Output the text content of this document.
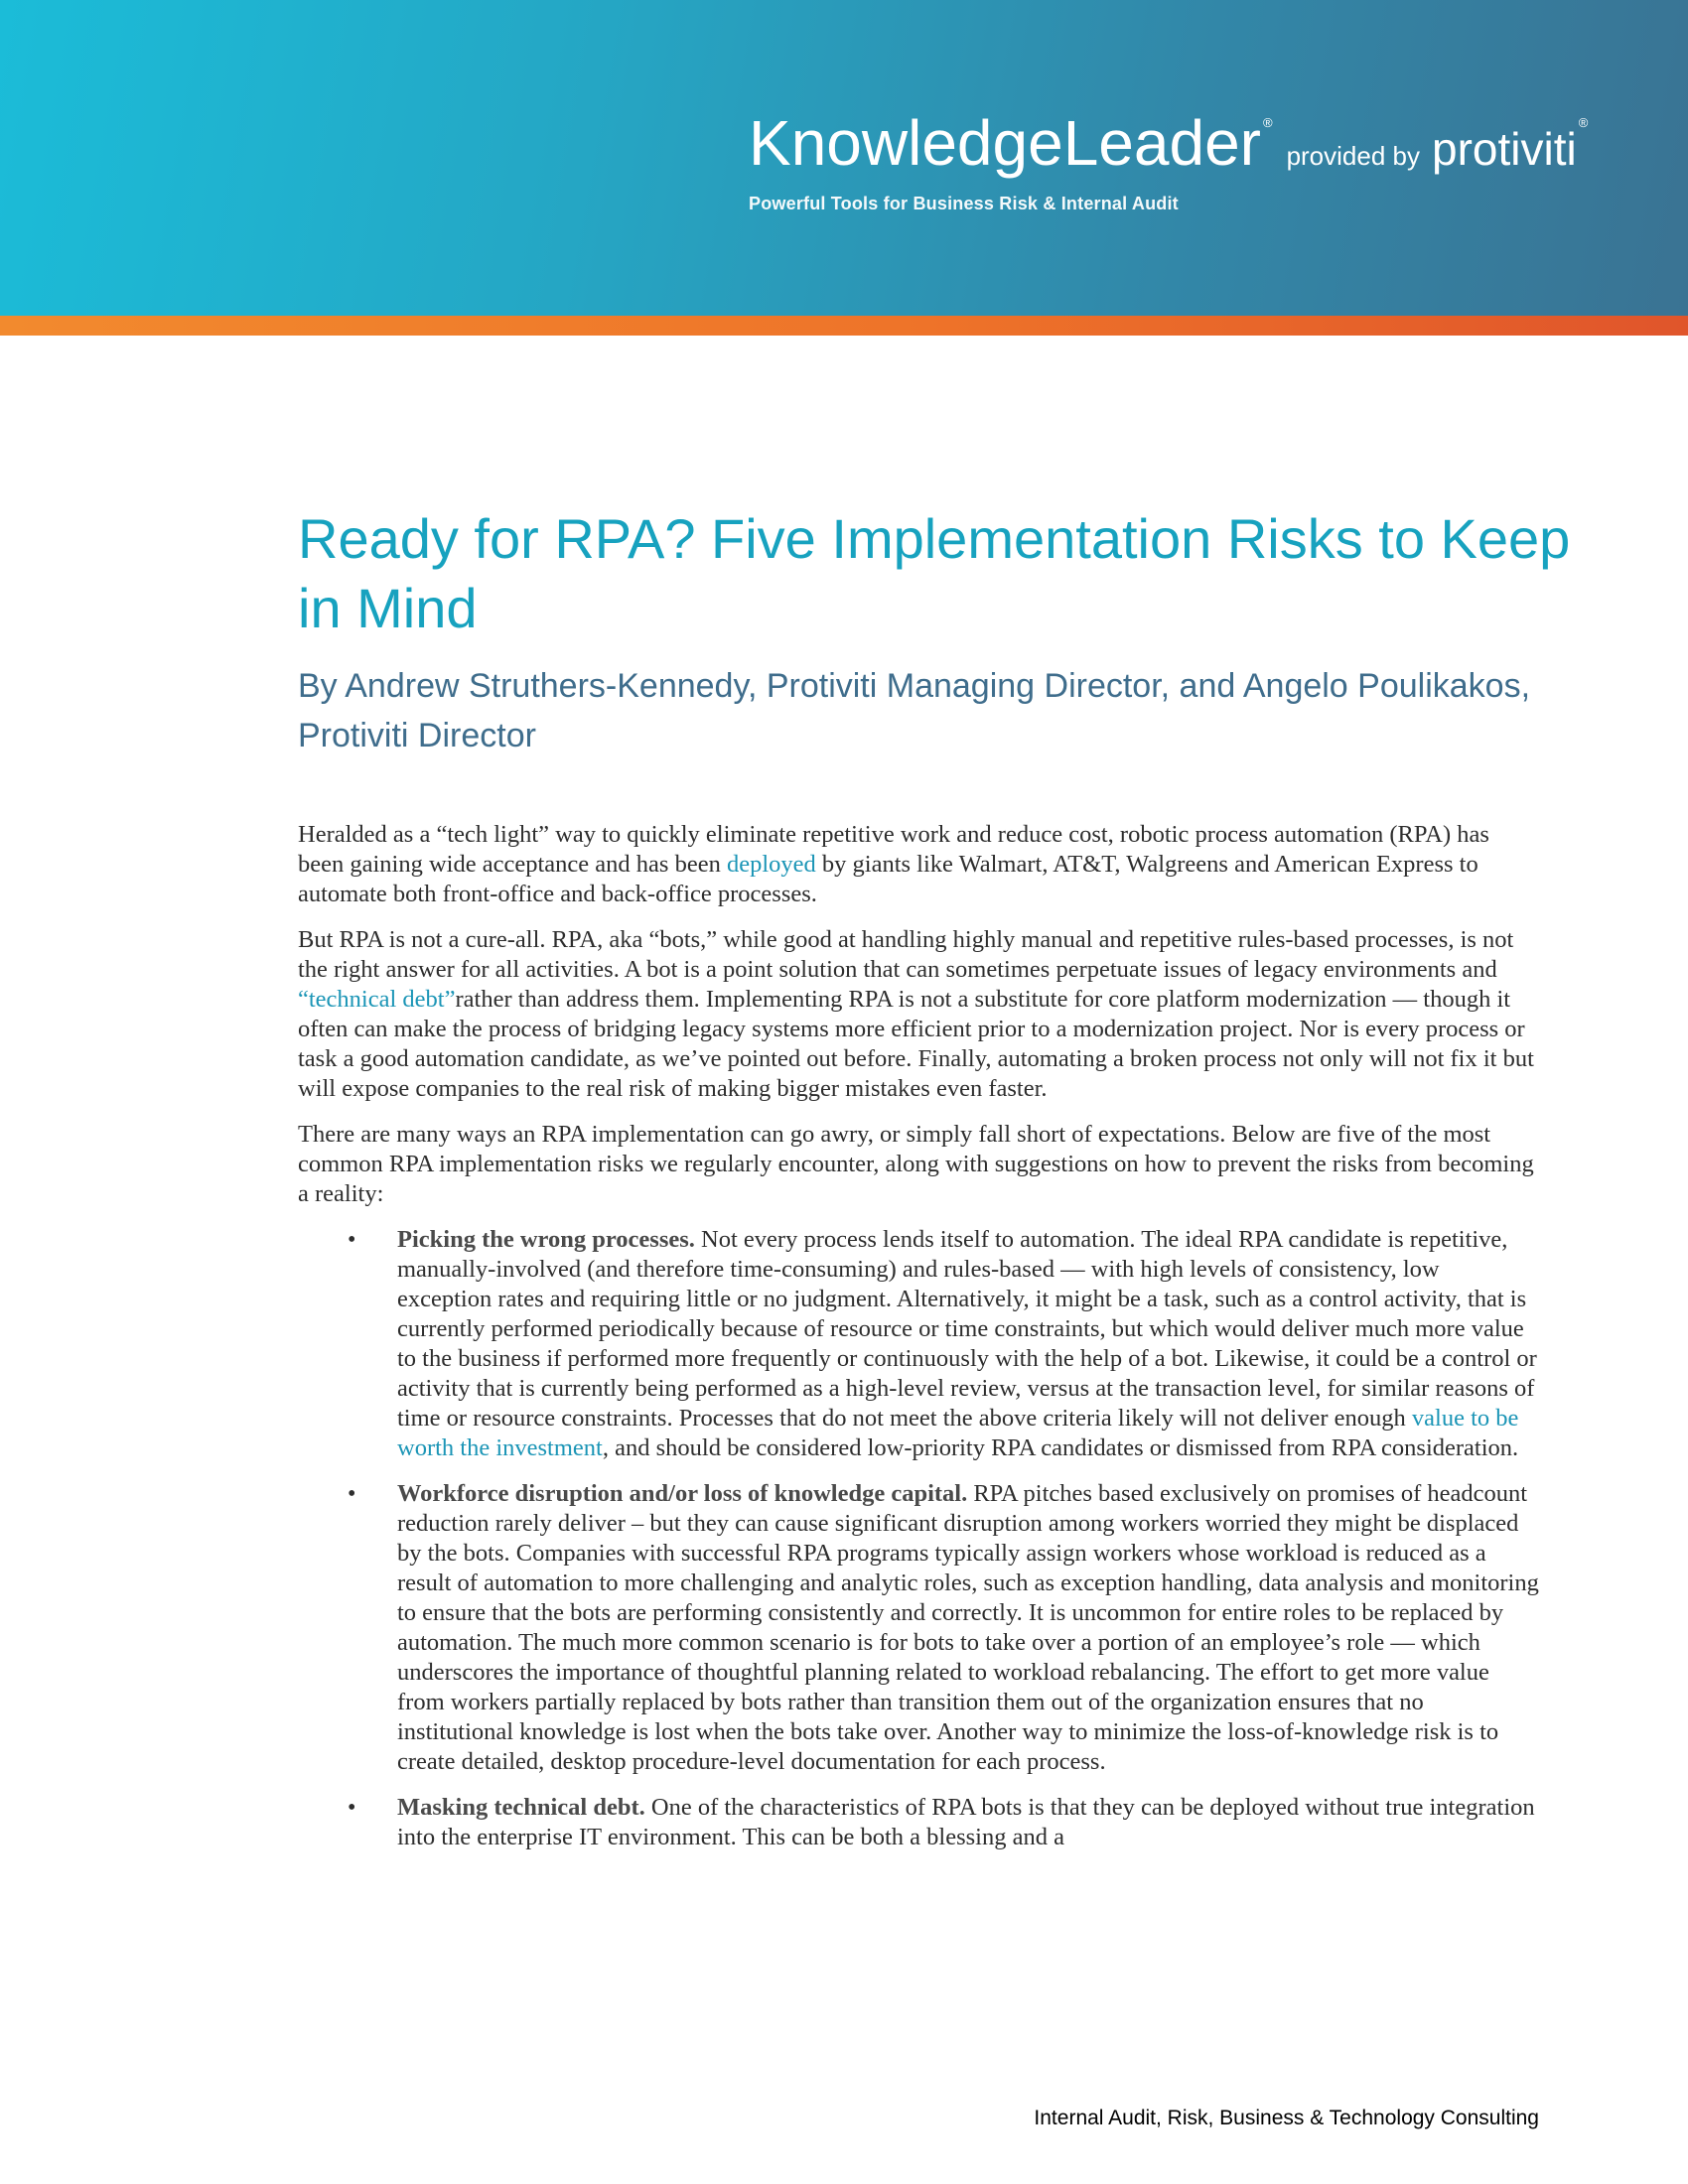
KnowledgeLeader ®
provided by protiviti
®
Powerful Tools for Business Risk & Internal Audit
Ready for RPA? Five Implementation Risks to Keep in Mind

By Andrew Struthers-Kennedy, Protiviti Managing Director, and Angelo Poulikakos, Protiviti Director

Heralded as a “tech light” way to quickly eliminate repetitive work and reduce cost, robotic process automation (RPA) has been gaining wide acceptance and has been deployed by giants like Walmart, AT&T, Walgreens and American Express to automate both front-office and back-office processes.

But RPA is not a cure-all. RPA, aka “bots,” while good at handling highly manual and repetitive rules-based processes, is not the right answer for all activities. A bot is a point solution that can sometimes perpetuate issues of legacy environments and “technical debt”rather than address them. Implementing RPA is not a substitute for core platform modernization — though it often can make the process of bridging legacy systems more efficient prior to a modernization project. Nor is every process or task a good automation candidate, as we’ve pointed out before. Finally, automating a broken process not only will not fix it but will expose companies to the real risk of making bigger mistakes even faster.

There are many ways an RPA implementation can go awry, or simply fall short of expectations. Below are five of the most common RPA implementation risks we regularly encounter, along with suggestions on how to prevent the risks from becoming a reality:

• Picking the wrong processes. Not every process lends itself to automation. The ideal RPA candidate is repetitive, manually-involved (and therefore time-consuming) and rules-based — with high levels of consistency, low exception rates and requiring little or no judgment. Alternatively, it might be a task, such as a control activity, that is currently performed periodically because of resource or time constraints, but which would deliver much more value to the business if performed more frequently or continuously with the help of a bot. Likewise, it could be a control or activity that is currently being performed as a high-level review, versus at the transaction level, for similar reasons of time or resource constraints. Processes that do not meet the above criteria likely will not deliver enough value to be worth the investment, and should be considered low-priority RPA candidates or dismissed from RPA consideration.
• Workforce disruption and/or loss of knowledge capital. RPA pitches based exclusively on promises of headcount reduction rarely deliver – but they can cause significant disruption among workers worried they might be displaced by the bots. Companies with successful RPA programs typically assign workers whose workload is reduced as a result of automation to more challenging and analytic roles, such as exception handling, data analysis and monitoring to ensure that the bots are performing consistently and correctly. It is uncommon for entire roles to be replaced by automation. The much more common scenario is for bots to take over a portion of an employee’s role — which underscores the importance of thoughtful planning related to workload rebalancing. The effort to get more value from workers partially replaced by bots rather than transition them out of the organization ensures that no institutional knowledge is lost when the bots take over. Another way to minimize the loss-of-knowledge risk is to create detailed, desktop procedure-level documentation for each process.
• Masking technical debt. One of the characteristics of RPA bots is that they can be deployed without true integration into the enterprise IT environment. This can be both a blessing and a
Internal Audit, Risk, Business & Technology Consulting
